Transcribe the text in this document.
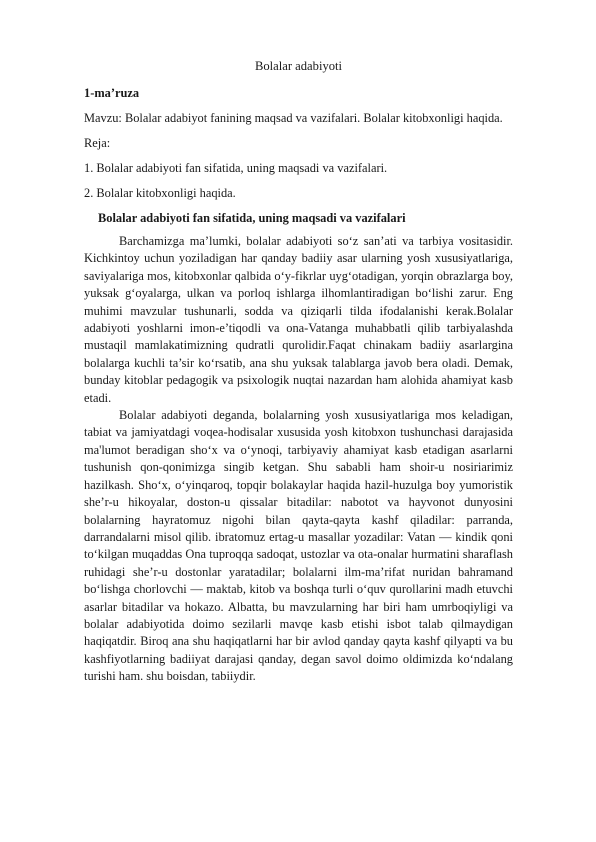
Bolalar adabiyoti
1-ma’ruza
Mavzu: Bolalar adabiyot fanining maqsad va vazifalari. Bolalar kitobxonligi haqida.
Reja:
1. Bolalar adabiyoti fan sifatida, uning maqsadi va vazifalari.
2. Bolalar kitobxonligi haqida.
Bolalar adabiyoti fan sifatida, uning maqsadi va vazifalari

Barchamizga ma’lumki, bolalar adabiyoti so‘z san’ati va tarbiya vositasidir. Kichkintoy uchun yoziladigan har qanday badiiy asar ularning yosh xususiyatlariga, saviyalariga mos, kitobxonlar qalbida o‘y-fikrlar uyg‘otadigan, yorqin obrazlarga boy, yuksak g‘oyalarga, ulkan va porloq ishlarga ilhomlantiradigan bo‘lishi zarur. Eng muhimi mavzular tushunarli, sodda va qiziqarli tilda ifodalanishi kerak.Bolalar adabiyoti yoshlarni imon-e’tiqodli va ona-Vatanga muhabbatli qilib tarbiyalashda mustaqil mamlakatimizning qudratli qurolidir.Faqat chinakam badiiy asarlargina bolalarga kuchli ta’sir ko‘rsatib, ana shu yuksak talablarga javob bera oladi. Demak, bunday kitoblar pedagogik va psixologik nuqtai nazardan ham alohida ahamiyat kasb etadi.

Bolalar adabiyoti deganda, bolalarning yosh xususiyatlariga mos keladigan, tabiat va jamiyatdagi voqea-hodisalar xususida yosh kitobxon tushunchasi darajasida ma'lumot beradigan sho‘x va o‘ynoqi, tarbiyaviy ahamiyat kasb etadigan asarlarni tushunish qon-qonimizga singib ketgan. Shu sababli ham shoir-u nosiriarimiz hazilkash. Sho‘x, o‘yinqaroq, topqir bolakaylar haqida hazil-huzulga boy yumoristik she’r-u hikoyalar, doston-u qissalar bitadilar: nabotot va hayvonot dunyosini bolalarning hayratomuz nigohi bilan qayta-qayta kashf qiladilar: parranda, darrandalarni misol qilib. ibratomuz ertag-u masallar yozadilar: Vatan — kindik qoni to‘kilgan muqaddas Ona tuproqqa sadoqat, ustozlar va ota-onalar hurmatini sharaflash ruhidagi she’r-u dostonlar yaratadilar; bolalarni ilm-ma’rifat nuridan bahramand bo‘lishga chorlovchi — maktab, kitob va boshqa turli o‘quv qurollarini madh etuvchi asarlar bitadilar va hokazo. Albatta, bu mavzularning har biri ham umrboqiyligi va bolalar adabiyotida doimo sezilarli mavqe kasb etishi isbot talab qilmaydigan haqiqatdir. Biroq ana shu haqiqatlarni har bir avlod qanday qayta kashf qilyapti va bu kashfiyotlarning badiiyat darajasi qanday, degan savol doimo oldimizda ko‘ndalang turishi ham. shu boisdan, tabiiydir.
